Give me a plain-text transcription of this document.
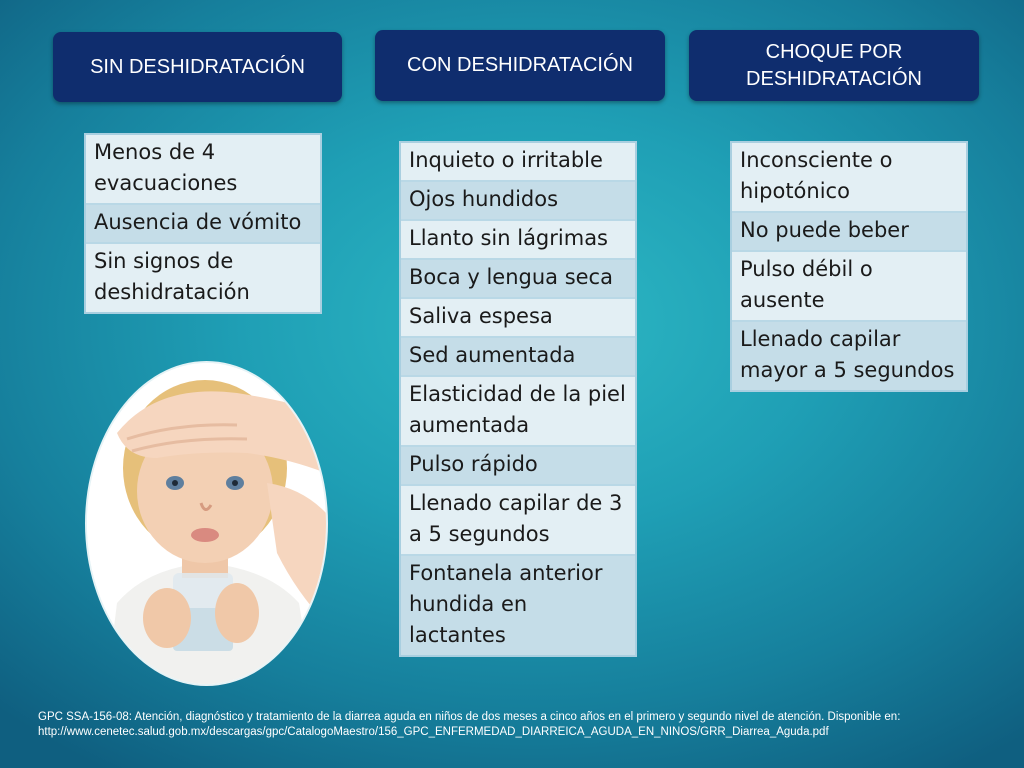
SIN DESHIDRATACIÓN	CON DESHIDRATACIÓN
CHOQUE POR DESHIDRATACIÓN
Menos de 4 evacuaciones
Ausencia de vómito
Sin signos de deshidratación
Inquieto o irritable
Ojos hundidos
Llanto sin lágrimas
Boca y lengua seca
Saliva espesa
Sed aumentada
Elasticidad de la piel aumentada
Pulso rápido
Llenado capilar de 3 a 5 segundos
Fontanela anterior hundida en lactantes
Inconsciente o hipotónico
No puede beber
Pulso débil o ausente
Llenado capilar mayor a 5 segundos
GPC SSA-156-08: Atención, diagnóstico y tratamiento de la diarrea aguda en niños de dos meses a cinco años en el primero y segundo nivel de atención. Disponible en: http://www.cenetec.salud.gob.mx/descargas/gpc/CatalogoMaestro/156_GPC_ENFERMEDAD_DIARREICA_AGUDA_EN_NINOS/GRR_Diarrea_Aguda.pdf
